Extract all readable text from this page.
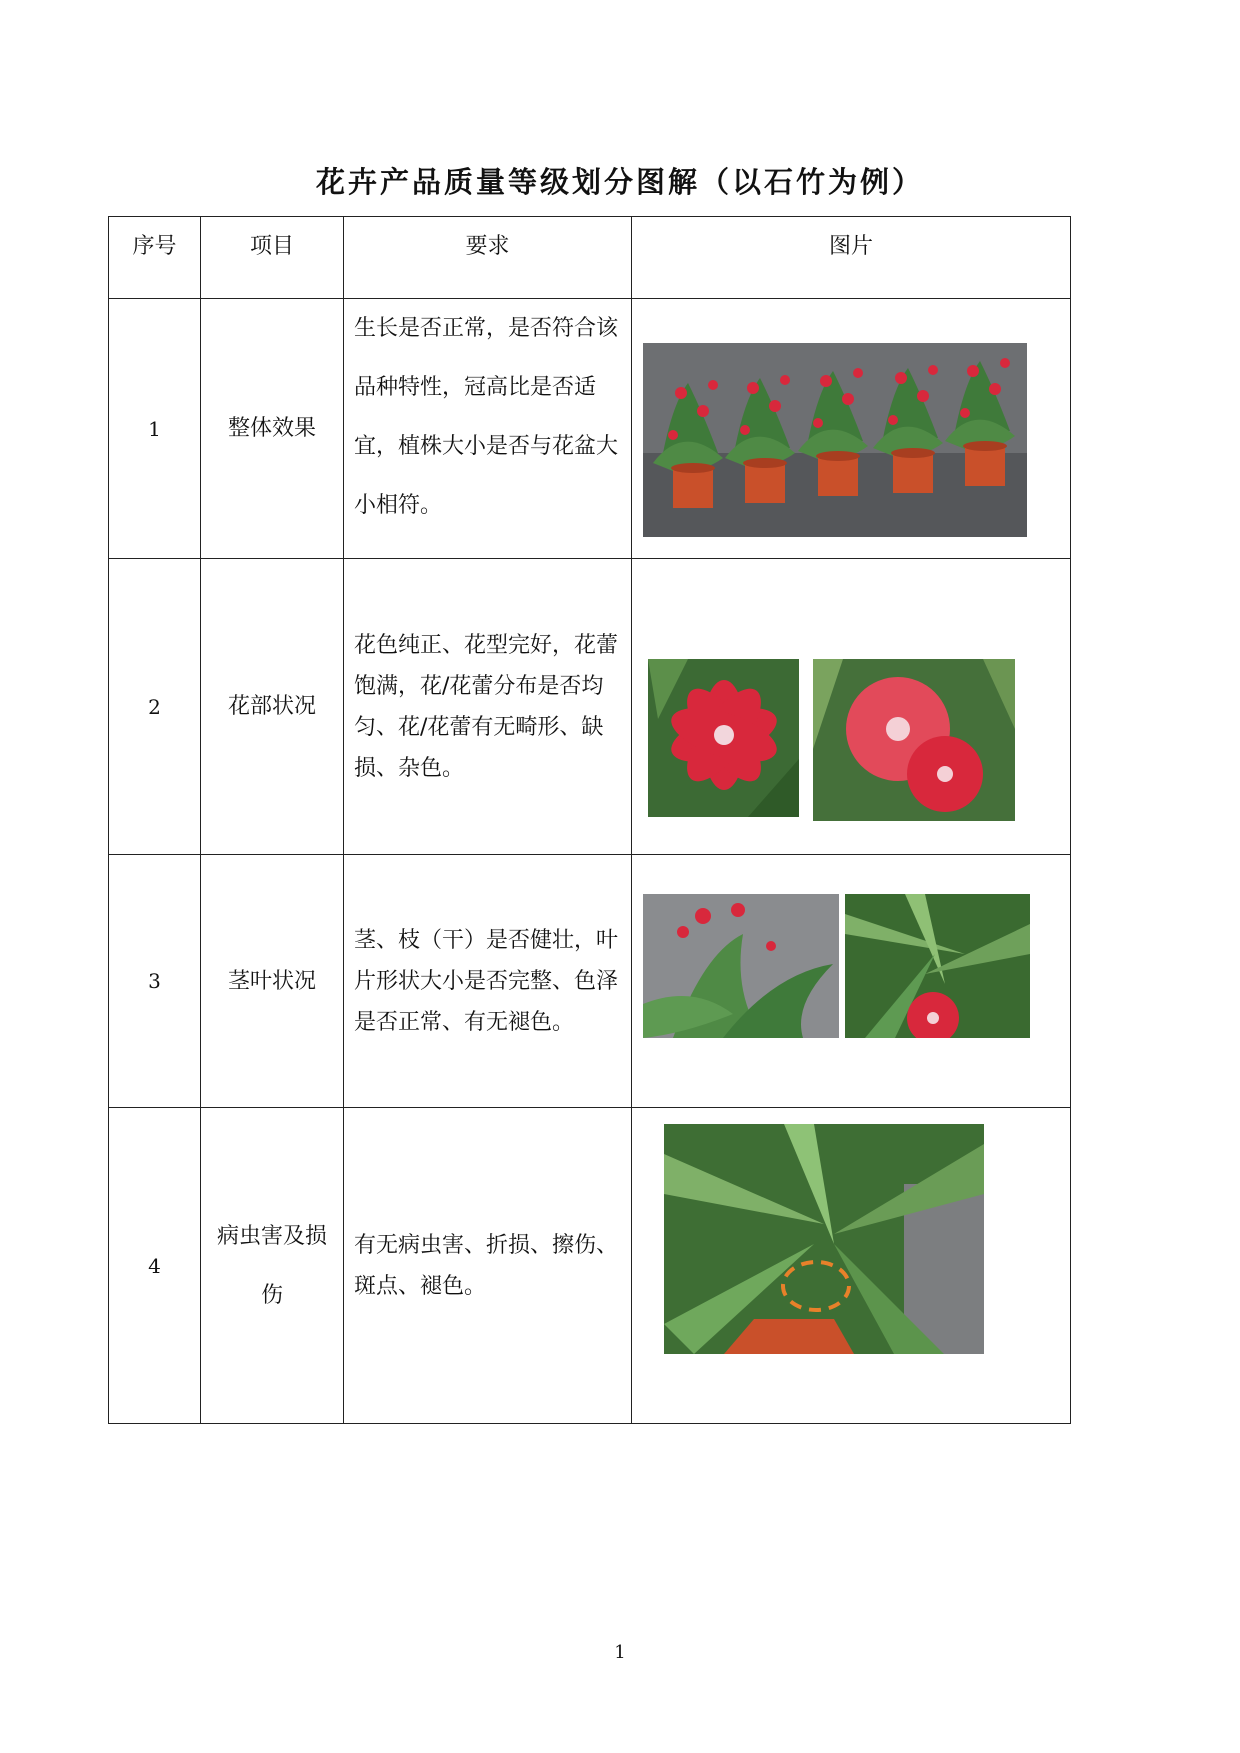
花卉产品质量等级划分图解（以石竹为例）
序号	项目	要求	图片
1	整体效果	生长是否正常，是否符合该品种特性，冠高比是否适宜，植株大小是否与花盆大小相符。	

2	花部状况	花色纯正、花型完好，花蕾饱满，花/花蕾分布是否均匀、花/花蕾有无畸形、缺损、杂色。	

3	茎叶状况	茎、枝（干）是否健壮，叶片形状大小是否完整、色泽是否正常、有无褪色。	

4	病虫害及损伤	有无病虫害、折损、擦伤、斑点、褪色。	
1
